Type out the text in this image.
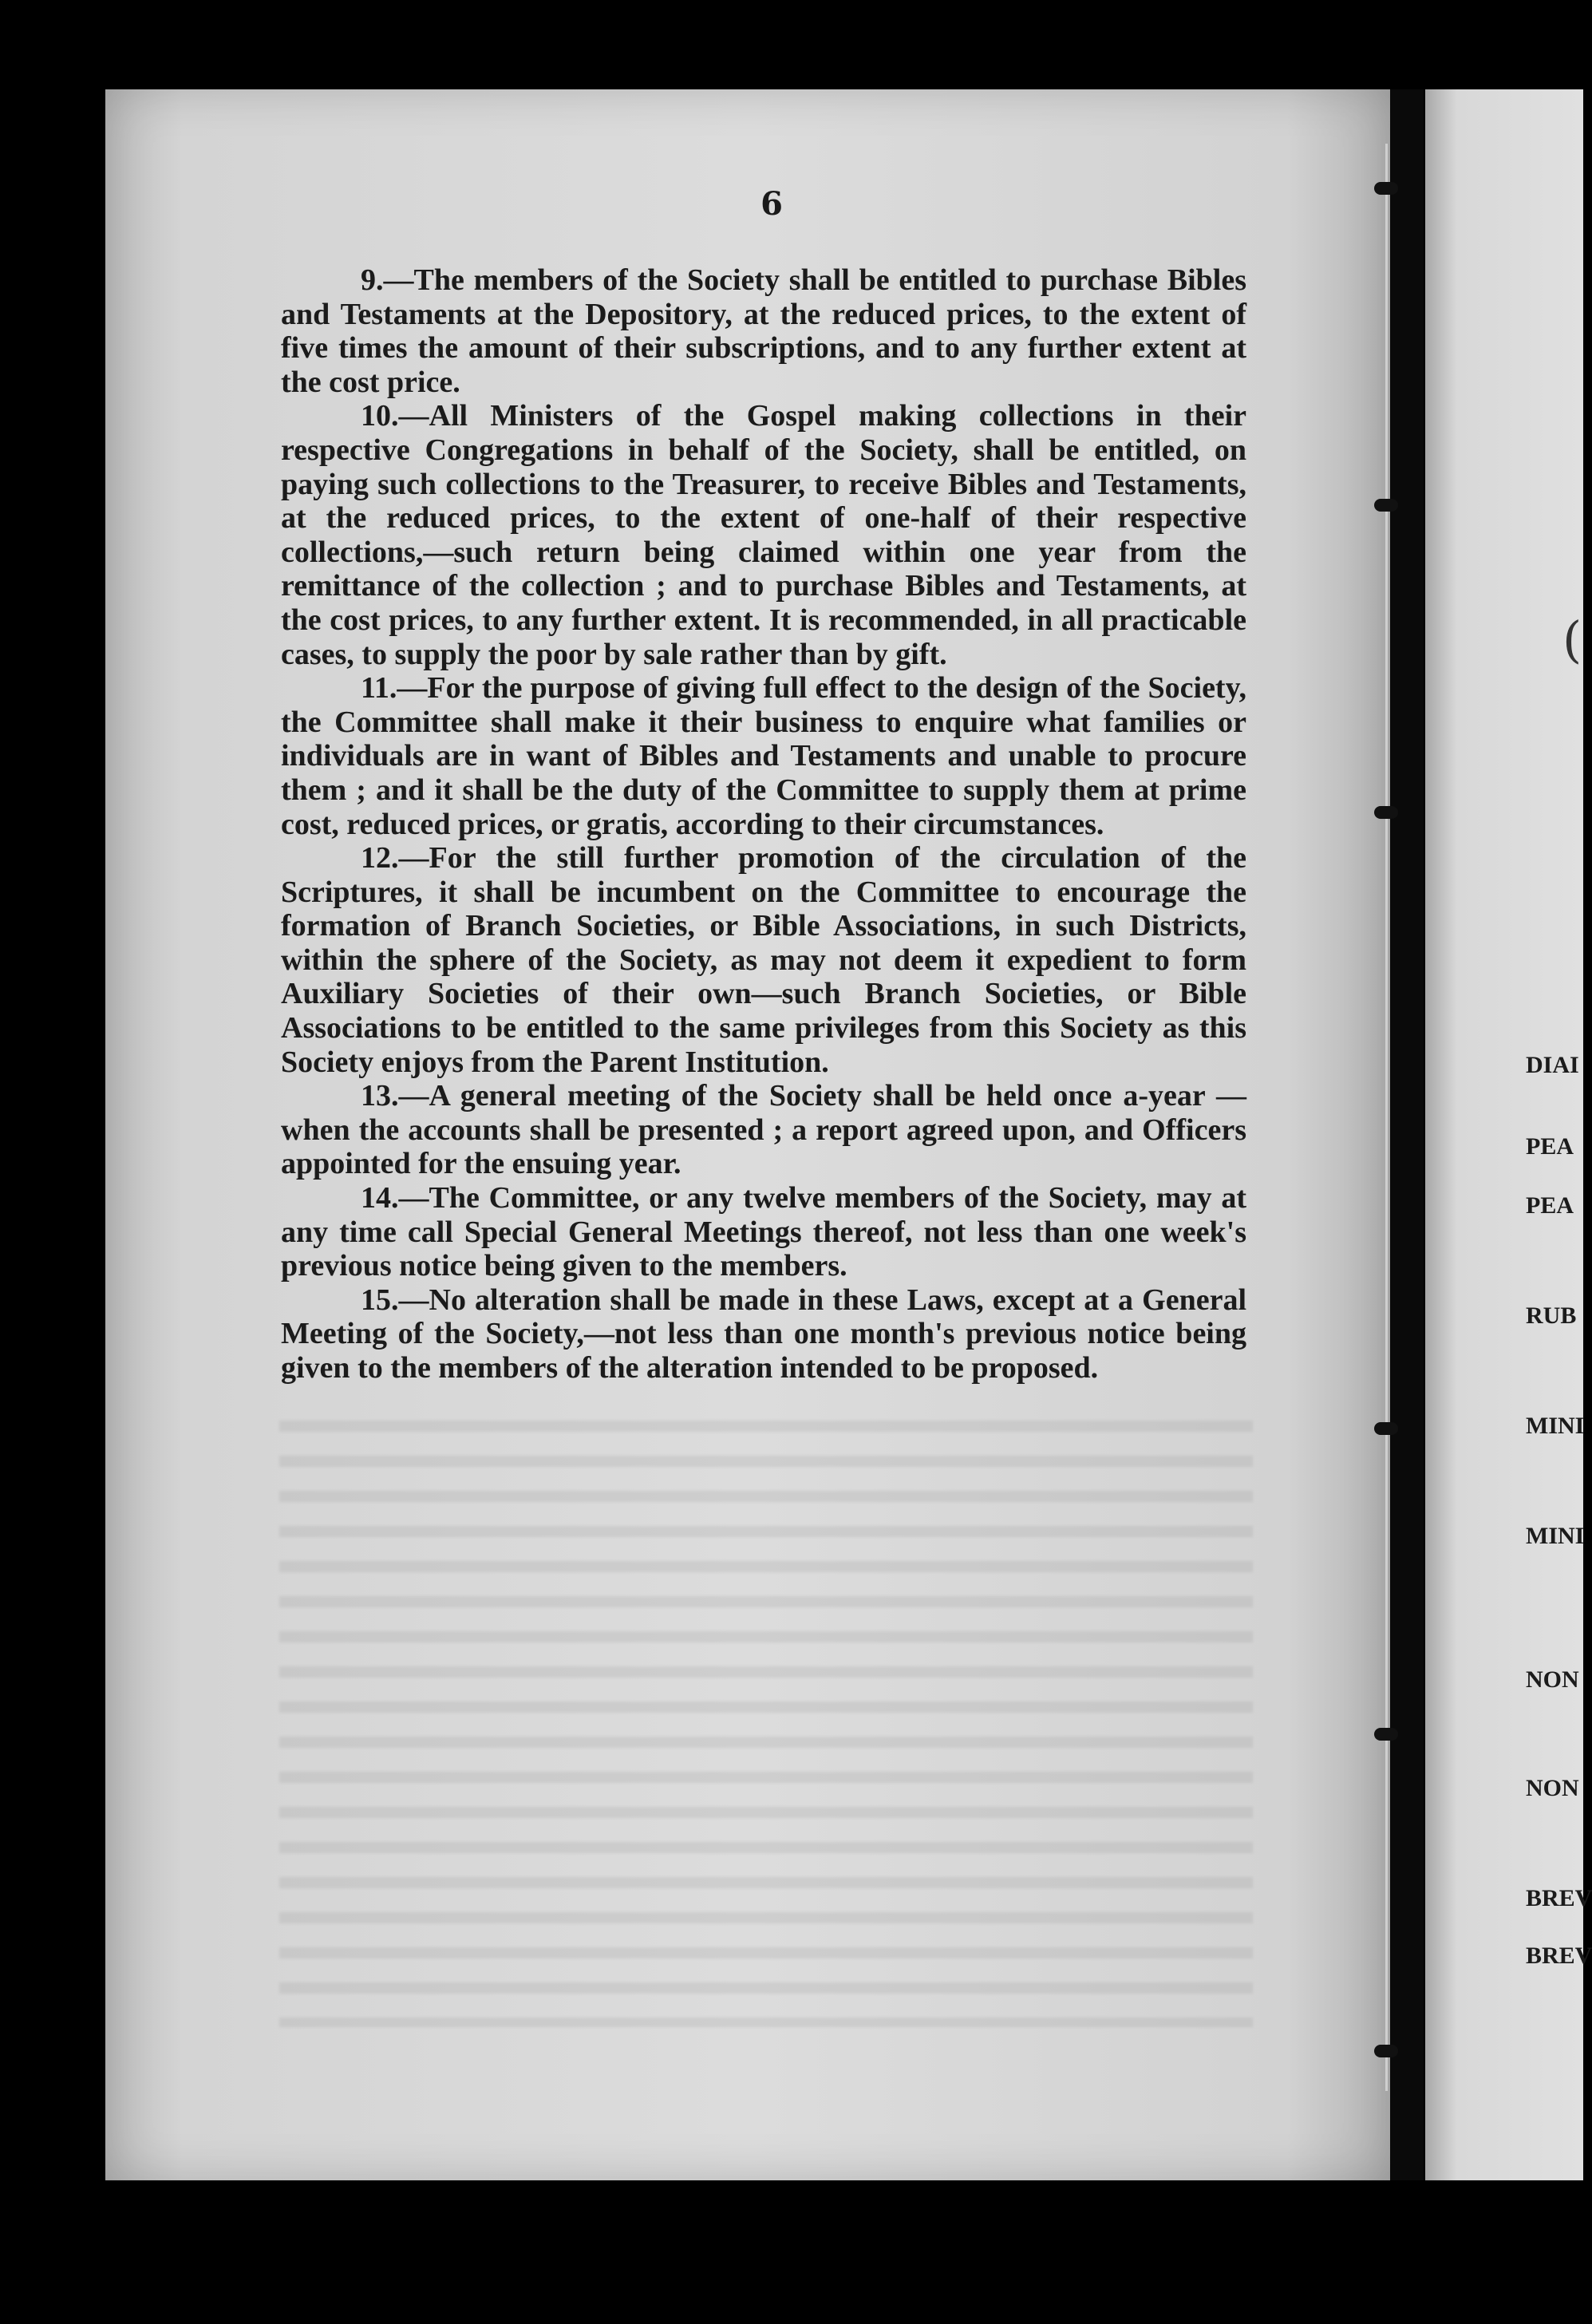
6

9.—The members of the Society shall be entitled to purchase Bibles and Testaments at the Depository, at the reduced prices, to the extent of five times the amount of their subscriptions, and to any further extent at the cost price.

10.—All Ministers of the Gospel making collections in their respective Congregations in behalf of the Society, shall be entitled, on paying such collections to the Treasurer, to receive Bibles and Testaments, at the reduced prices, to the extent of one-half of their respective collections,—such return being claimed within one year from the remittance of the collection ; and to purchase Bibles and Testaments, at the cost prices, to any further extent. It is recommended, in all practicable cases, to supply the poor by sale rather than by gift.

11.—For the purpose of giving full effect to the design of the Society, the Committee shall make it their business to enquire what families or individuals are in want of Bibles and Testaments and unable to procure them ; and it shall be the duty of the Committee to supply them at prime cost, reduced prices, or gratis, according to their circumstances.

12.—For the still further promotion of the circulation of the Scriptures, it shall be incumbent on the Committee to encourage the formation of Branch Societies, or Bible Associations, in such Districts, within the sphere of the Society, as may not deem it expedient to form Auxiliary Societies of their own—such Branch Societies, or Bible Associations to be entitled to the same privileges from this Society as this Society enjoys from the Parent Institution.

13.—A general meeting of the Society shall be held once a-year —when the accounts shall be presented ; a report agreed upon, and Officers appointed for the ensuing year.

14.—The Committee, or any twelve members of the Society, may at any time call Special General Meetings thereof, not less than one week's previous notice being given to the members.

15.—No alteration shall be made in these Laws, except at a General Meeting of the Society,—not less than one month's previous notice being given to the members of the alteration intended to be proposed.

(
DIAI
PEA
PEA
RUB
MINI
MINI
NON
NON
BREV
BREV
